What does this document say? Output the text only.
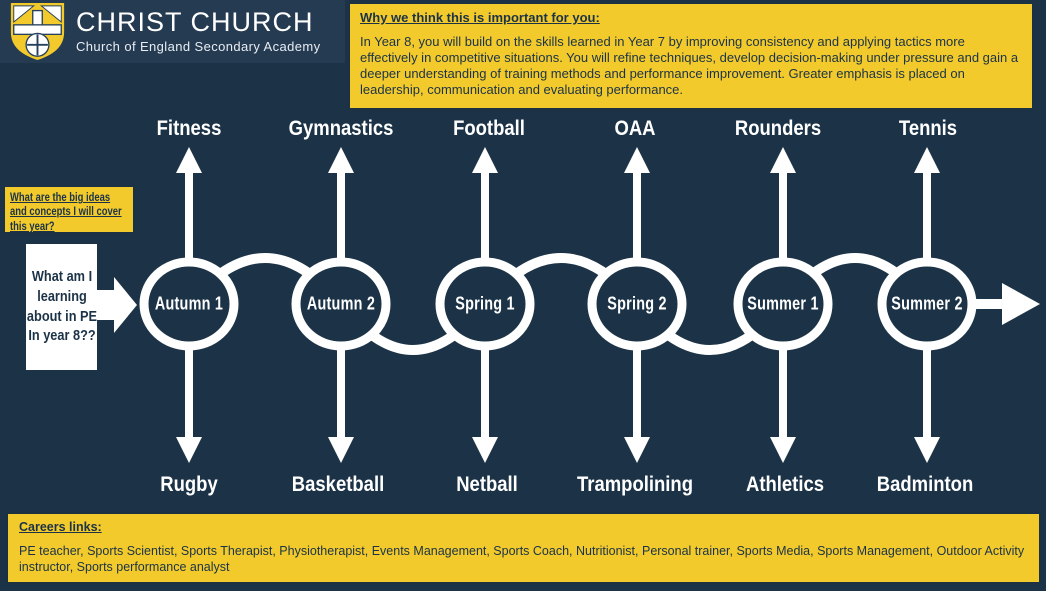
CHRIST CHURCH
Church of England Secondary Academy
Why we think this is important for you:
In Year 8, you will build on the skills learned in Year 7 by improving consistency and applying tactics more effectively in competitive situations. You will refine techniques, develop decision-making under pressure and gain a deeper understanding of training methods and performance improvement. Greater emphasis is placed on leadership, communication and evaluating performance.
What are the big ideas and concepts I will cover this year?
What am I learning about in PE In year 8??
Fitness	Gymnastics	Football	OAA	Rounders	Tennis
Autumn 1	Autumn 2	Spring 1	Spring 2	Summer 1	Summer 2
Rugby	Basketball	Netball	Trampolining	Athletics	Badminton
Careers links:
PE teacher, Sports Scientist, Sports Therapist, Physiotherapist, Events Management, Sports Coach, Nutritionist, Personal trainer, Sports Media, Sports Management, Outdoor Activity instructor, Sports performance analyst
